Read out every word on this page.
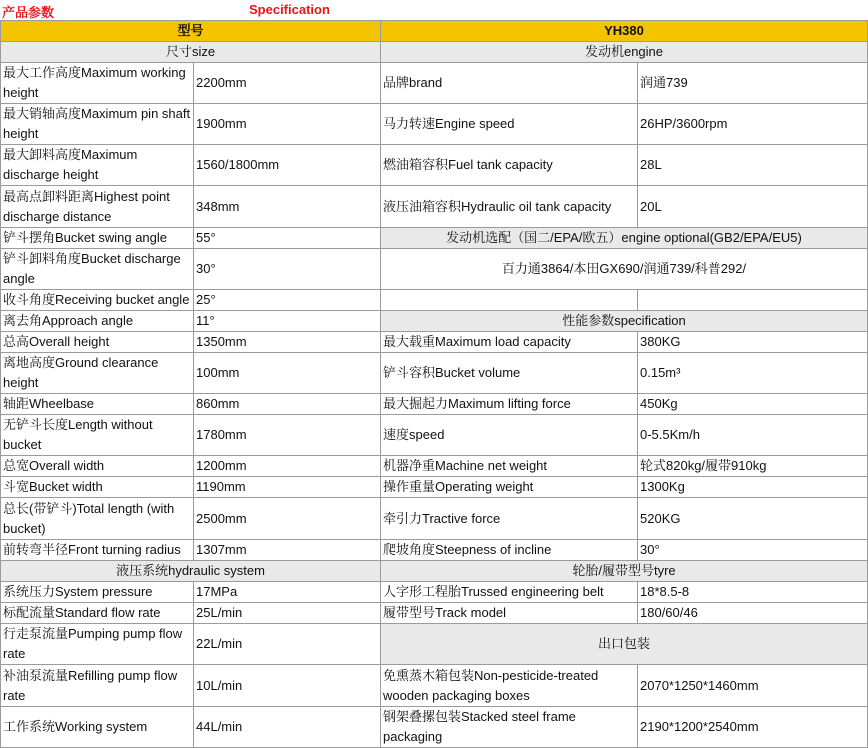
产品参数	Specification
型号		YH380	
尺寸size		发动机engine	
最大工作高度Maximum working height	2200mm	品牌brand	润通739
最大销轴高度Maximum pin shaft height	1900mm	马力转速Engine speed	26HP/3600rpm
最大卸料高度Maximum discharge height	1560/1800mm	燃油箱容积Fuel tank capacity	28L
最高点卸料距离Highest point discharge distance	348mm	液压油箱容积Hydraulic oil tank capacity	20L
铲斗摆角Bucket swing angle	55°	发动机选配（国二/EPA/欧五）engine optional(GB2/EPA/EU5)	
铲斗卸料角度Bucket discharge angle	30°	百力通3864/本田GX690/润通739/科普292/	
收斗角度Receiving bucket angle	25°		
离去角Approach angle	11°	性能参数specification	
总高Overall height	1350mm	最大载重Maximum load capacity	380KG
离地高度Ground clearance height	100mm	铲斗容积Bucket volume	0.15m³
轴距Wheelbase	860mm	最大掘起力Maximum lifting force	450Kg
无铲斗长度Length without bucket	1780mm	速度speed	0-5.5Km/h
总宽Overall width	1200mm	机器净重Machine net weight	轮式820kg/履带910kg
斗宽Bucket width	1190mm	操作重量Operating weight	1300Kg
总长(带铲斗)Total length (with bucket)	2500mm	牵引力Tractive force	520KG
前转弯半径Front turning radius	1307mm	爬坡角度Steepness of incline	30°
液压系统hydraulic system		轮胎/履带型号tyre	
系统压力System pressure	17MPa	人字形工程胎Trussed engineering belt	18*8.5-8
标配流量Standard flow rate	25L/min	履带型号Track model	180/60/46
行走泵流量Pumping pump flow rate	22L/min	出口包装	
补油泵流量Refilling pump flow rate	10L/min	免熏蒸木箱包装Non-pesticide-treated wooden packaging boxes	2070*1250*1460mm
工作系统Working system	44L/min	钢架叠摞包装Stacked steel frame packaging	2190*1200*2540mm
